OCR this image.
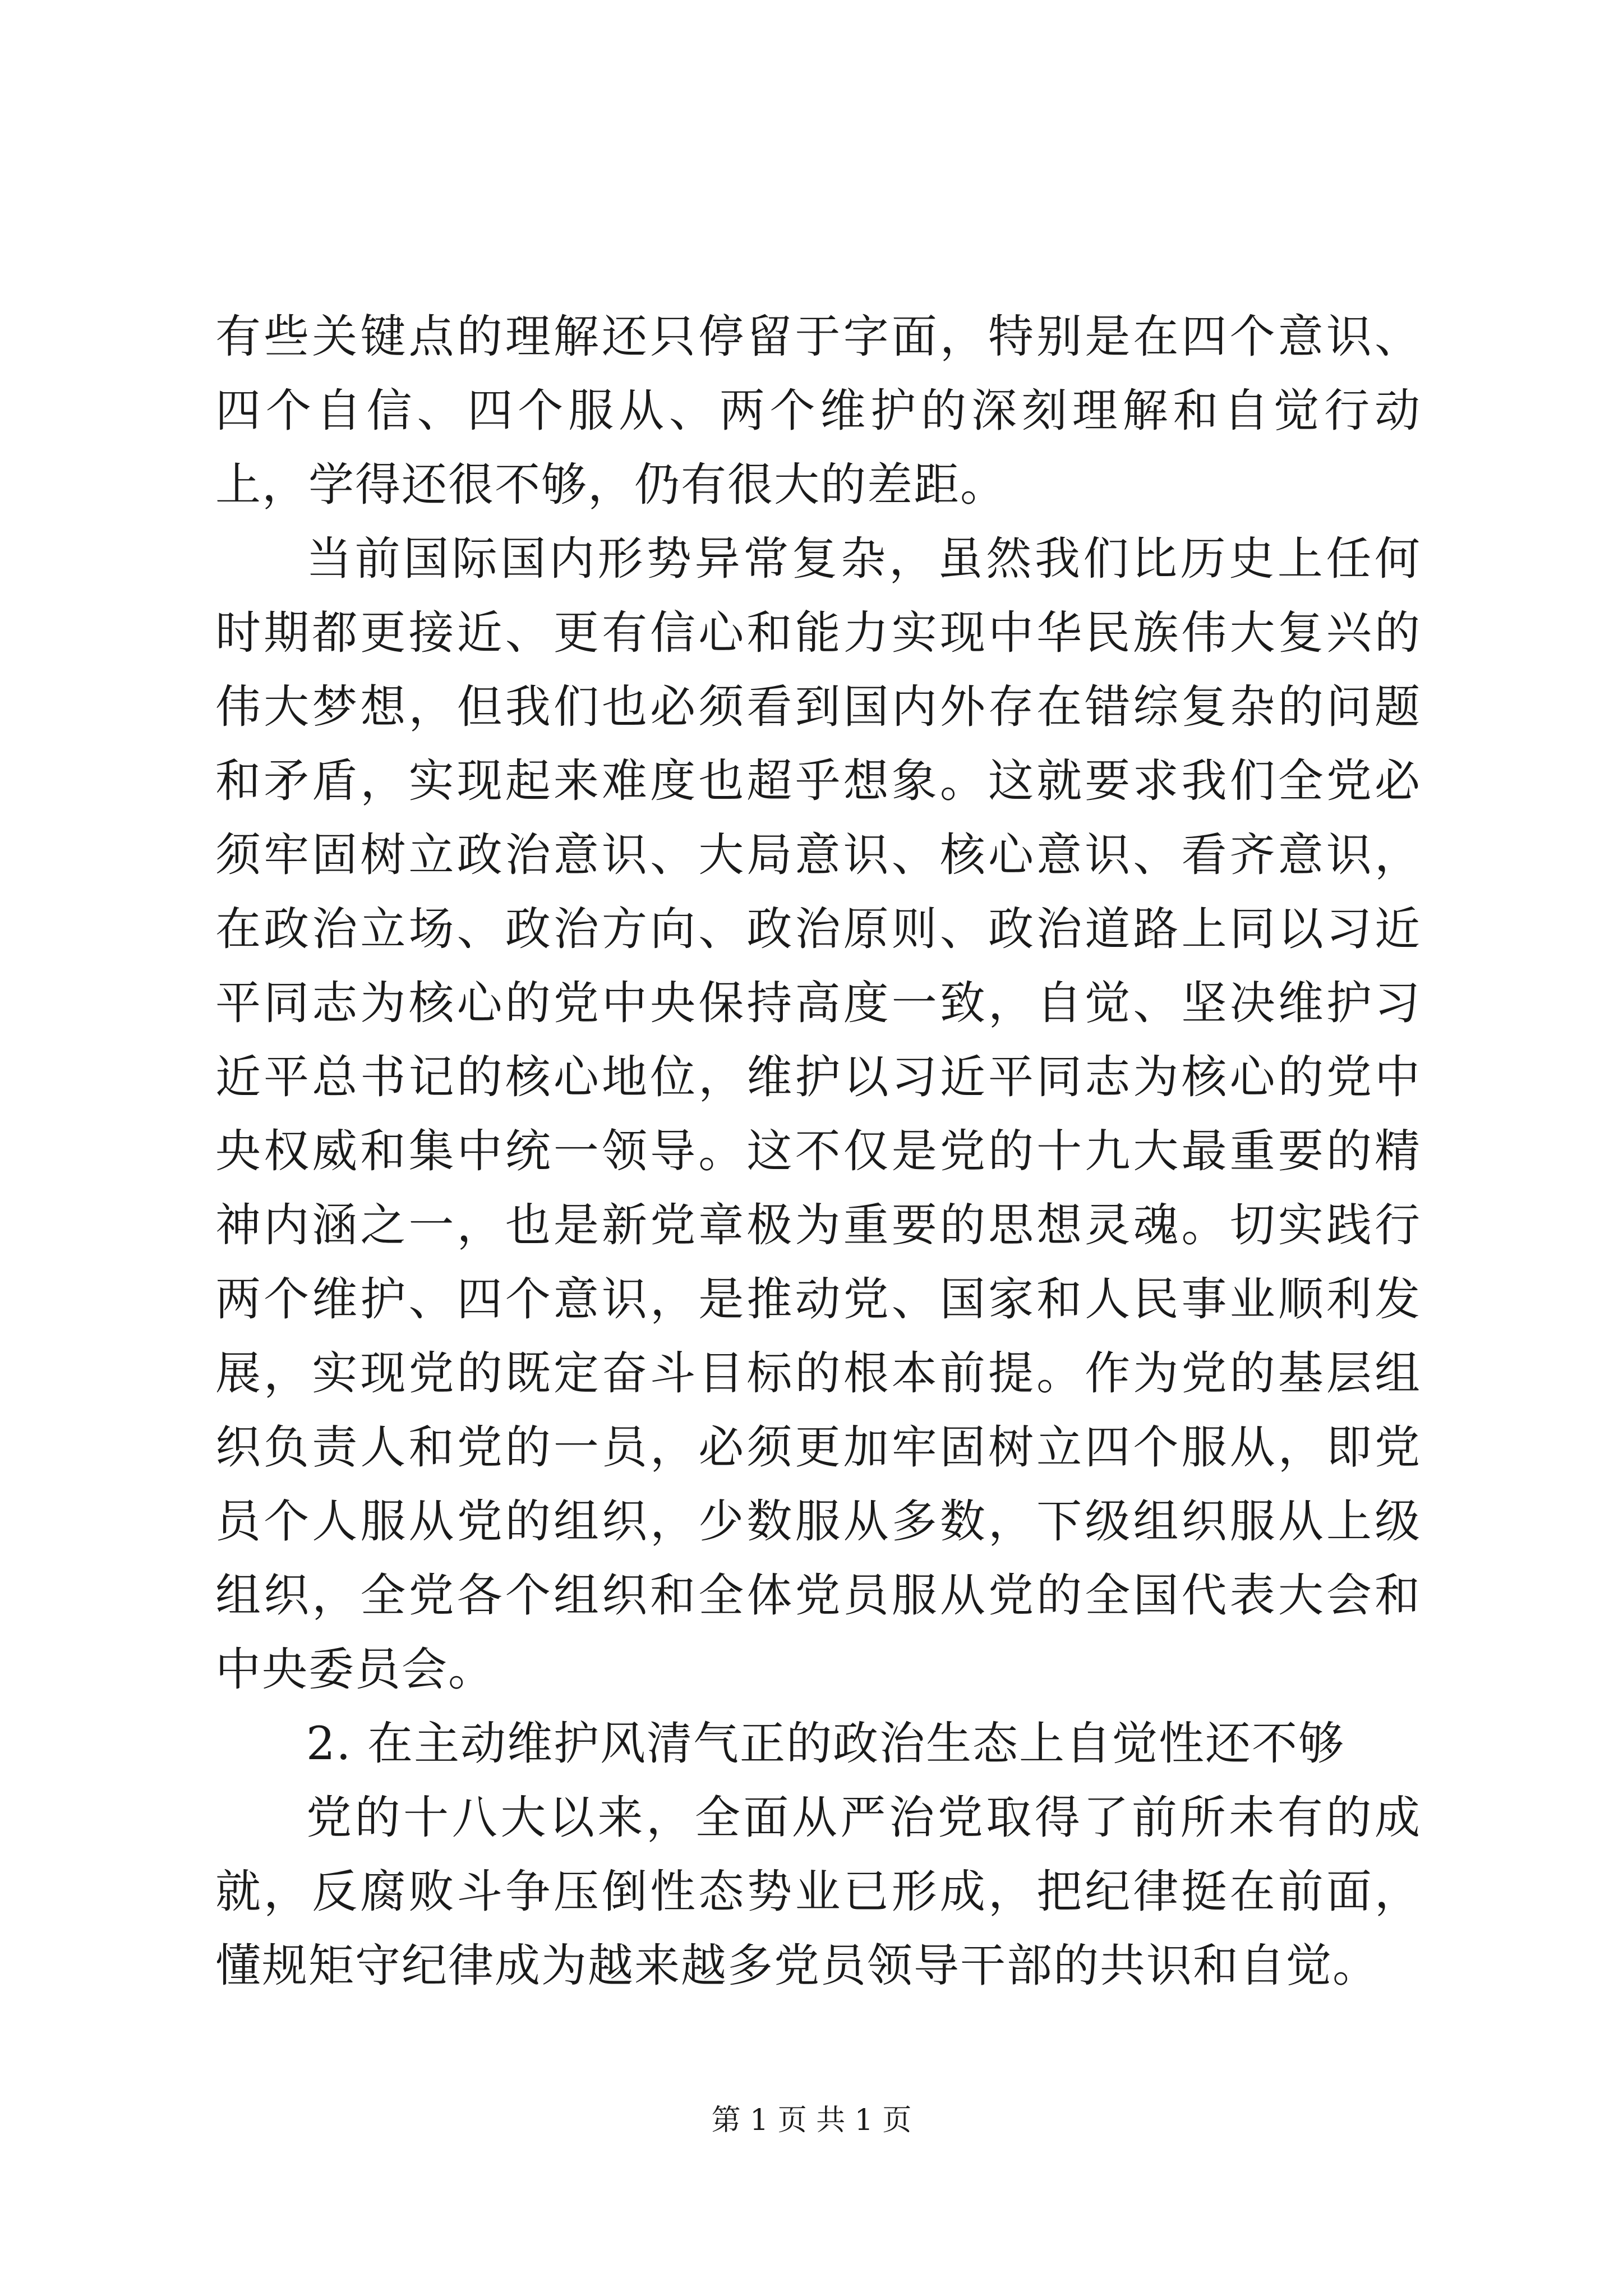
有些关键点的理解还只停留于字面，特别是在四个意识、四个自信、四个服从、两个维护的深刻理解和自觉行动上，学得还很不够，仍有很大的差距。

当前国际国内形势异常复杂，虽然我们比历史上任何时期都更接近、更有信心和能力实现中华民族伟大复兴的伟大梦想，但我们也必须看到国内外存在错综复杂的问题和矛盾，实现起来难度也超乎想象。这就要求我们全党必须牢固树立政治意识、大局意识、核心意识、看齐意识，在政治立场、政治方向、政治原则、政治道路上同以习近平同志为核心的党中央保持高度一致，自觉、坚决维护习近平总书记的核心地位，维护以习近平同志为核心的党中央权威和集中统一领导。这不仅是党的十九大最重要的精神内涵之一，也是新党章极为重要的思想灵魂。切实践行两个维护、四个意识，是推动党、国家和人民事业顺利发展，实现党的既定奋斗目标的根本前提。作为党的基层组织负责人和党的一员，必须更加牢固树立四个服从，即党员个人服从党的组织，少数服从多数，下级组织服从上级组织，全党各个组织和全体党员服从党的全国代表大会和中央委员会。

2. 在主动维护风清气正的政治生态上自觉性还不够

党的十八大以来，全面从严治党取得了前所未有的成就，反腐败斗争压倒性态势业已形成，把纪律挺在前面，懂规矩守纪律成为越来越多党员领导干部的共识和自觉。

第 1 页 共 1 页
